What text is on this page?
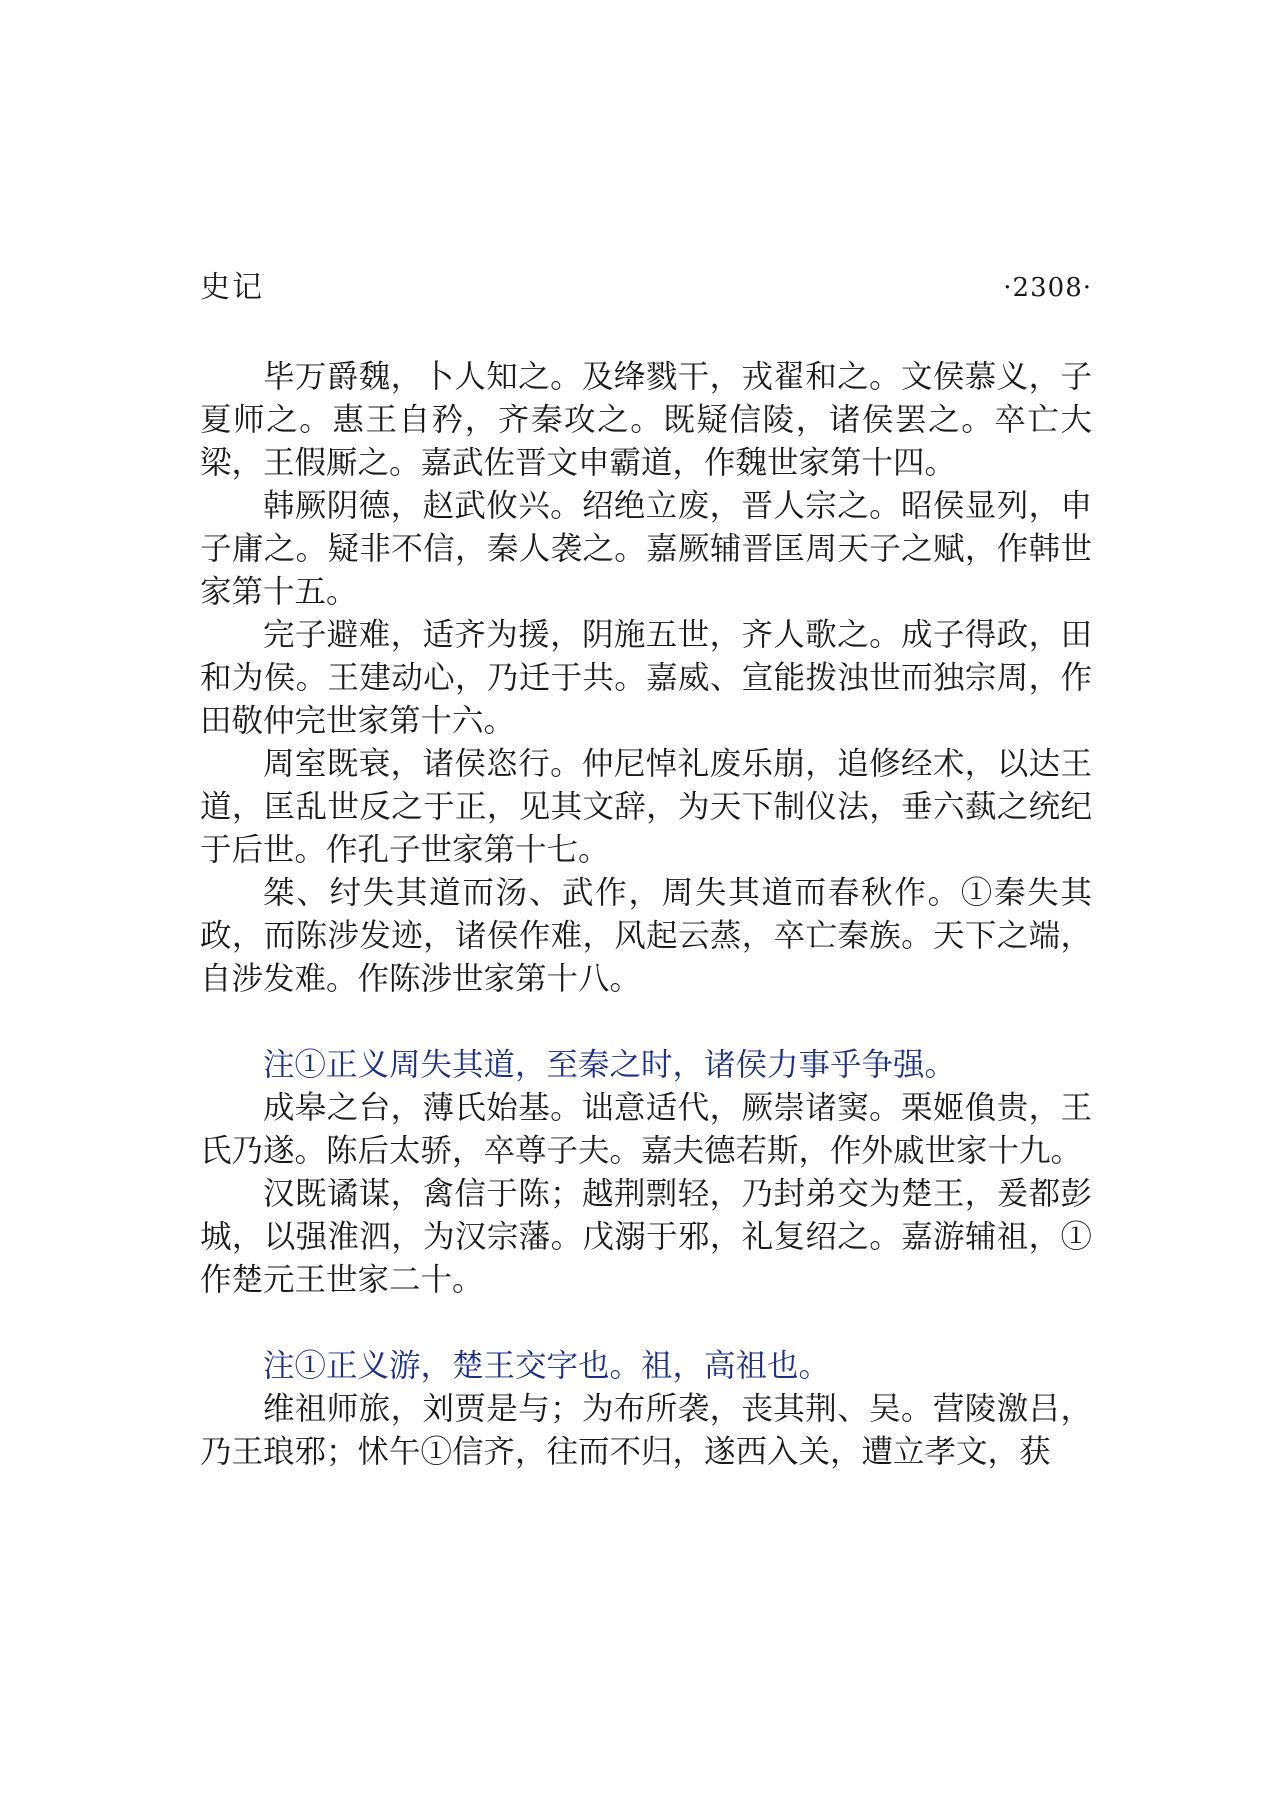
史记	·2308·

毕万爵魏，卜人知之。及绛戮干，戎翟和之。文侯慕义，子夏师之。惠王自矜，齐秦攻之。既疑信陵，诸侯罢之。卒亡大梁，王假厮之。嘉武佐晋文申霸道，作魏世家第十四。

韩厥阴德，赵武攸兴。绍绝立废，晋人宗之。昭侯显列，申子庸之。疑非不信，秦人袭之。嘉厥辅晋匡周天子之赋，作韩世家第十五。

完子避难，适齐为援，阴施五世，齐人歌之。成子得政，田和为侯。王建动心，乃迁于共。嘉威、宣能拨浊世而独宗周，作田敬仲完世家第十六。

周室既衰，诸侯恣行。仲尼悼礼废乐崩，追修经术，以达王道，匡乱世反之于正，见其文辞，为天下制仪法，垂六蓺之统纪于后世。作孔子世家第十七。

桀、纣失其道而汤、武作，周失其道而春秋作。①秦失其政，而陈涉发迹，诸侯作难，风起云蒸，卒亡秦族。天下之端，自涉发难。作陈涉世家第十八。

注①正义周失其道，至秦之时，诸侯力事乎争强。

成皋之台，薄氏始基。诎意适代，厥崇诸窦。栗姬偩贵，王氏乃遂。陈后太骄，卒尊子夫。嘉夫德若斯，作外戚世家十九。

汉既谲谋，禽信于陈；越荆剽轻，乃封弟交为楚王，爰都彭城，以强淮泗，为汉宗藩。戊溺于邪，礼复绍之。嘉游辅祖，①作楚元王世家二十。

注①正义游，楚王交字也。祖，高祖也。

维祖师旅，刘贾是与；为布所袭，丧其荆、吴。营陵激吕，乃王琅邪；怵午①信齐，往而不归，遂西入关，遭立孝文，获
